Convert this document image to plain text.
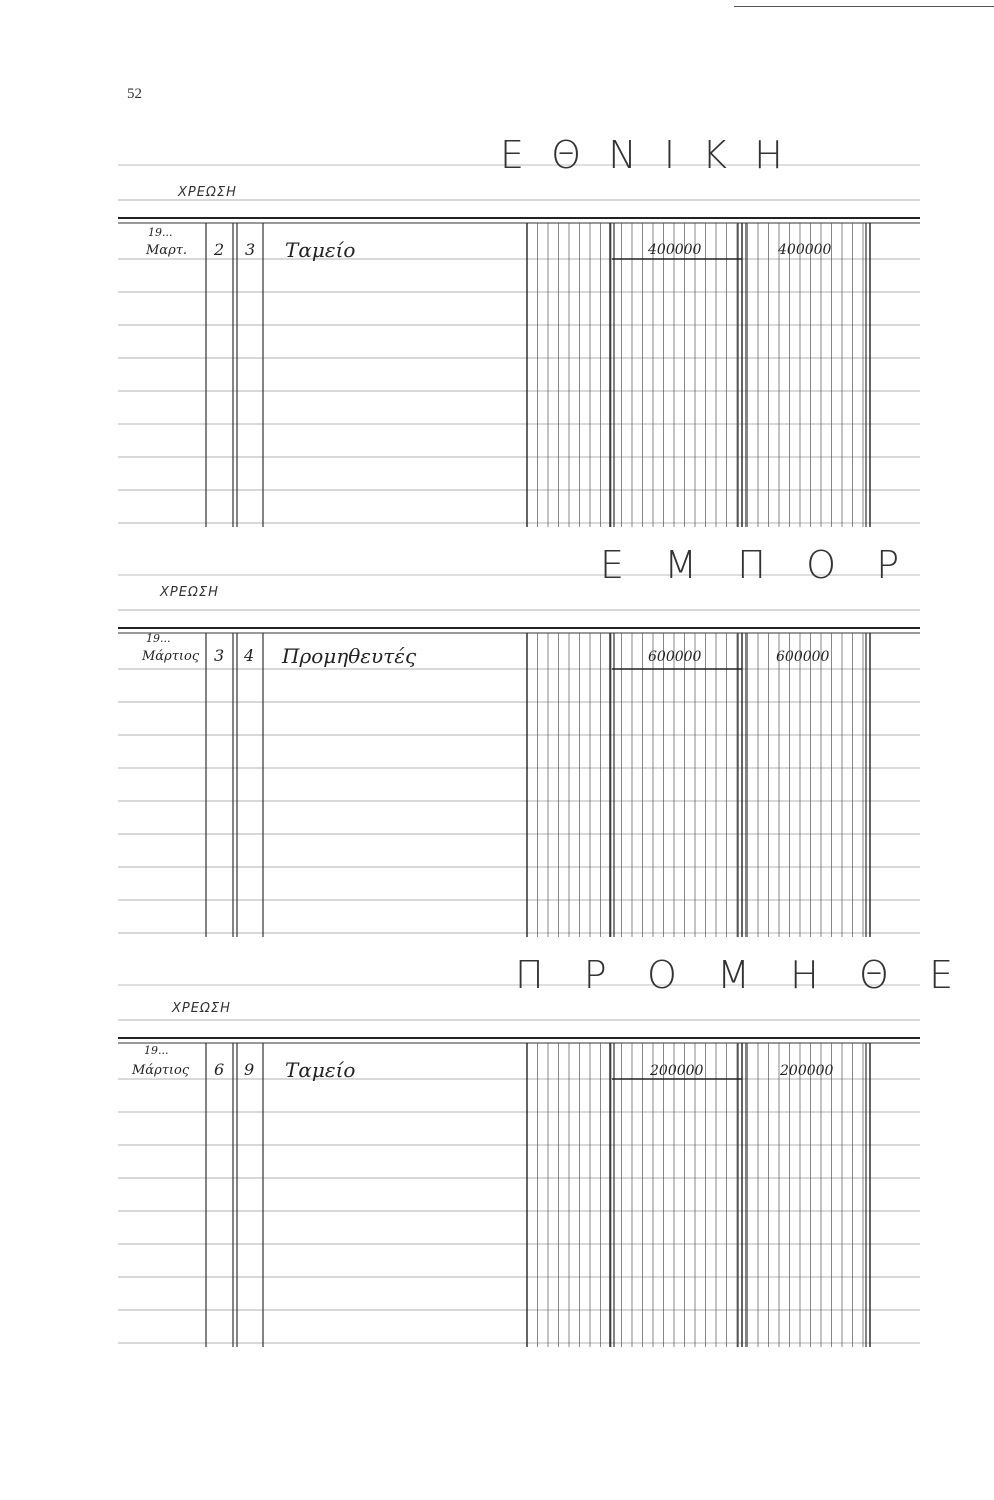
52
Ε  Θ  Ν  Ι  Κ  Η
ΧΡΕΩΣΗ
19...
Μαρτ. 2 3 Ταμείο	400000	400000
Ε   Μ   Π   Ο   Ρ
ΧΡΕΩΣΗ
19...
Μάρτιος 3 4 Προμηθευτές	600000	600000
Π   Ρ   Ο   Μ   Η   Θ   Ε
ΧΡΕΩΣΗ
19...
Μάρτιος 6 9 Ταμείο	200000	200000
